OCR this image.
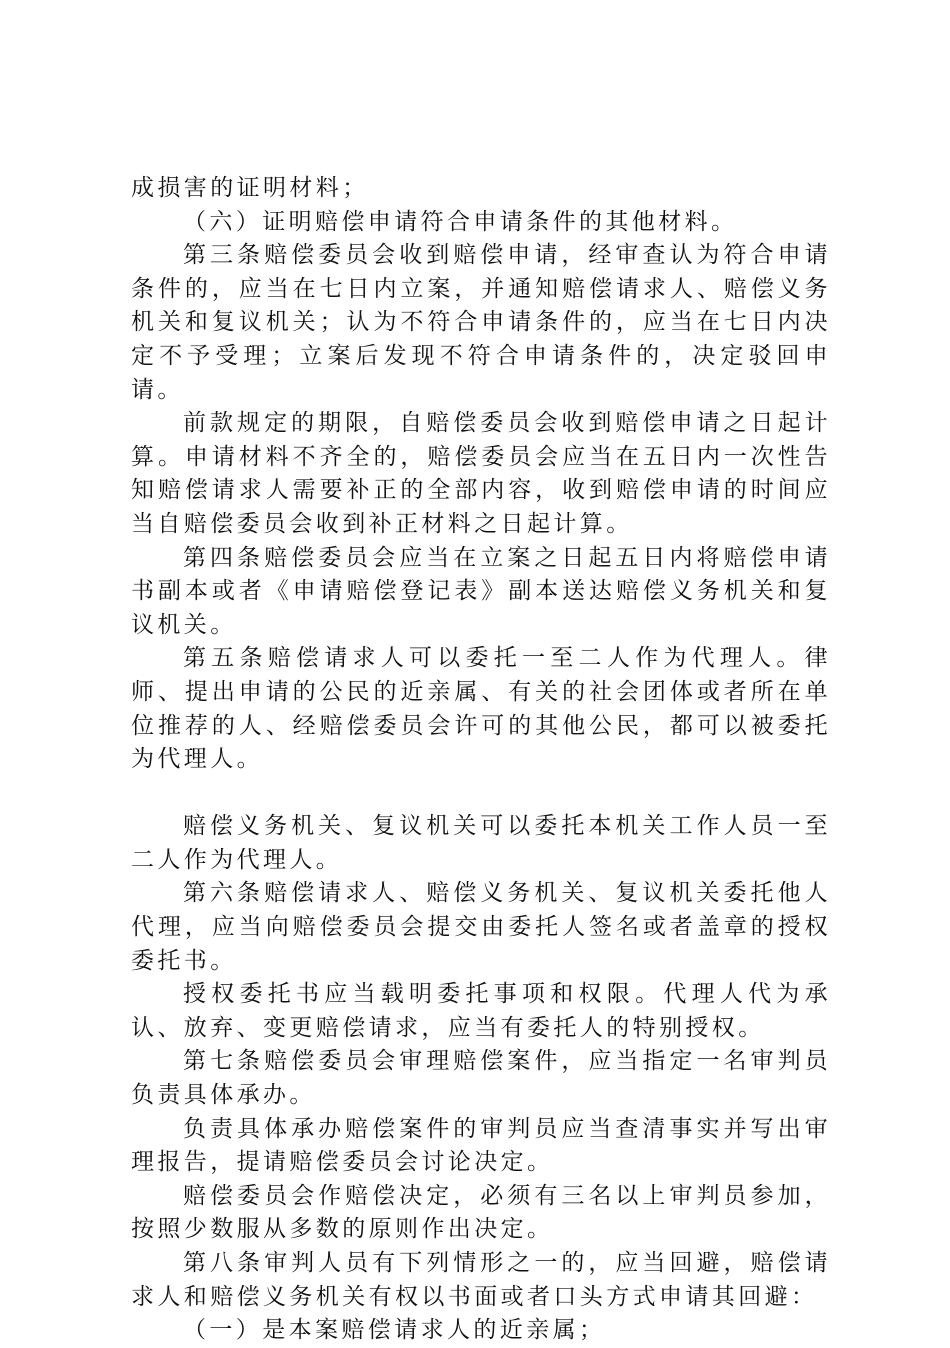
成损害的证明材料；

（六）证明赔偿申请符合申请条件的其他材料。

第三条赔偿委员会收到赔偿申请，经审查认为符合申请条件的，应当在七日内立案，并通知赔偿请求人、赔偿义务机关和复议机关；认为不符合申请条件的，应当在七日内决定不予受理；立案后发现不符合申请条件的，决定驳回申请。

前款规定的期限，自赔偿委员会收到赔偿申请之日起计算。申请材料不齐全的，赔偿委员会应当在五日内一次性告知赔偿请求人需要补正的全部内容，收到赔偿申请的时间应当自赔偿委员会收到补正材料之日起计算。

第四条赔偿委员会应当在立案之日起五日内将赔偿申请书副本或者《申请赔偿登记表》副本送达赔偿义务机关和复议机关。

第五条赔偿请求人可以委托一至二人作为代理人。律师、提出申请的公民的近亲属、有关的社会团体或者所在单位推荐的人、经赔偿委员会许可的其他公民，都可以被委托为代理人。

赔偿义务机关、复议机关可以委托本机关工作人员一至二人作为代理人。

第六条赔偿请求人、赔偿义务机关、复议机关委托他人代理，应当向赔偿委员会提交由委托人签名或者盖章的授权委托书。

授权委托书应当载明委托事项和权限。代理人代为承认、放弃、变更赔偿请求，应当有委托人的特别授权。

第七条赔偿委员会审理赔偿案件，应当指定一名审判员负责具体承办。

负责具体承办赔偿案件的审判员应当查清事实并写出审理报告，提请赔偿委员会讨论决定。

赔偿委员会作赔偿决定，必须有三名以上审判员参加，按照少数服从多数的原则作出决定。

第八条审判人员有下列情形之一的，应当回避，赔偿请求人和赔偿义务机关有权以书面或者口头方式申请其回避：

（一）是本案赔偿请求人的近亲属；
